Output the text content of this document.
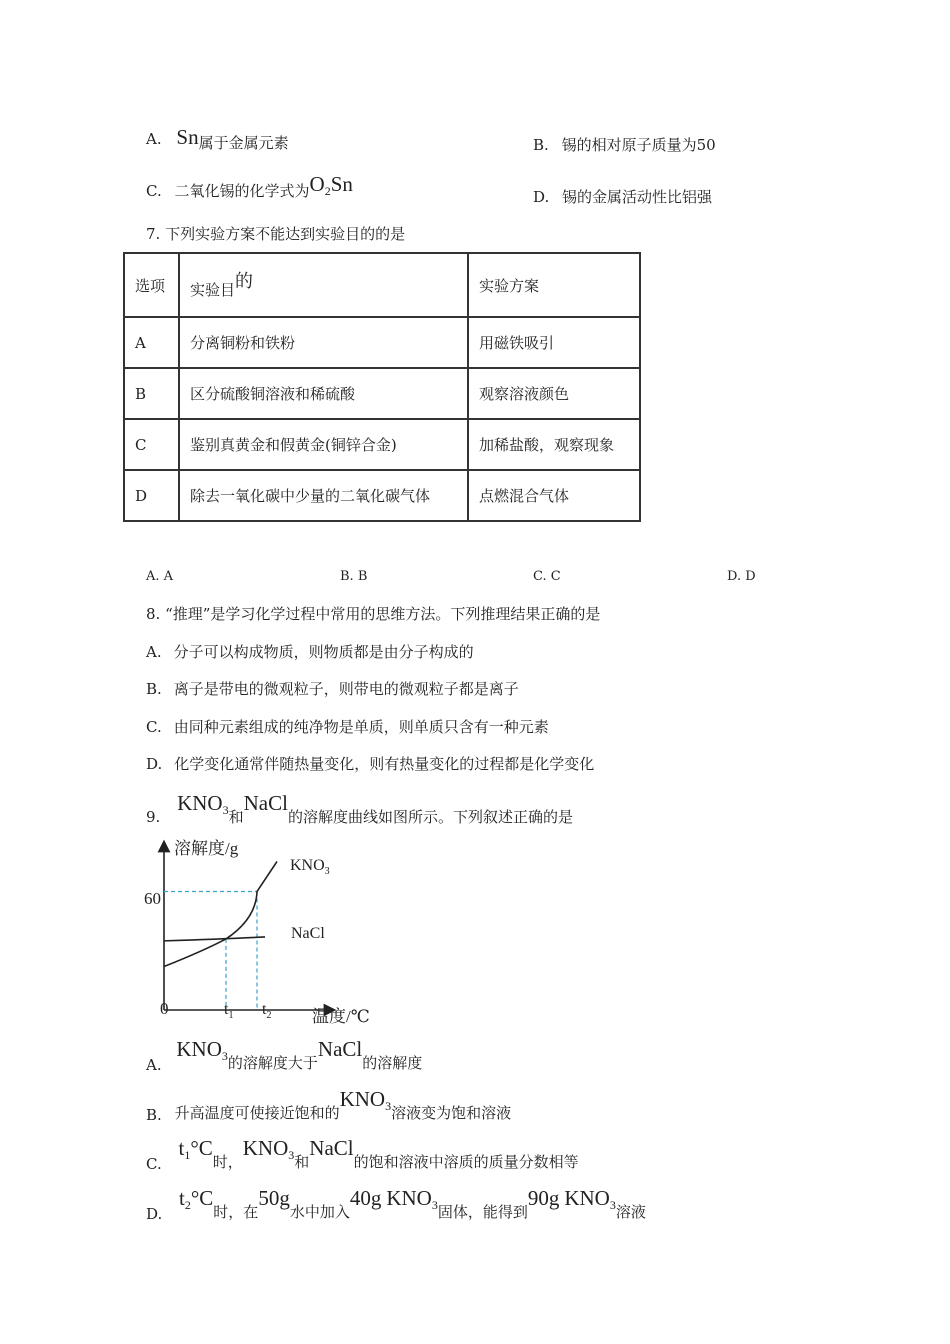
A. Sn属于金属元素	B. 锡的相对原子质量为50
C. 二氧化锡的化学式为O2Sn
D. 锡的金属活动性比铝强
7. 下列实验方案不能达到实验目的的是
选项	实验目的	实验方案
A	分离铜粉和铁粉	用磁铁吸引
B	区分硫酸铜溶液和稀硫酸	观察溶液颜色
C	鉴别真黄金和假黄金(铜锌合金)	加稀盐酸，观察现象
D	除去一氧化碳中少量的二氧化碳气体	点燃混合气体
A. A	B. B	C. C	D. D
8. “推理”是学习化学过程中常用的思维方法。下列推理结果正确的是
A. 分子可以构成物质，则物质都是由分子构成的
B. 离子是带电的微观粒子，则带电的微观粒子都是离子
C. 由同种元素组成的纯净物是单质，则单质只含有一种元素
D. 化学变化通常伴随热量变化，则有热量变化的过程都是化学变化
9. $KNO_3$和NaCl的溶解度曲线如图所示。下列叙述正确的是
溶解度/g
温度/℃
0
60
$t_1$ $t_2$
$KNO_3$
NaCl
A. $KNO_3$的溶解度大于NaCl的溶解度
B. 升高温度可使接近饱和的$KNO_3$溶液变为饱和溶液
C. $t_1^\circ C$时，$KNO_3$和NaCl的饱和溶液中溶质的质量分数相等
D. $t_2^\circ C$时，在50g水中加入40g $KNO_3$固体，能得到90g $KNO_3$溶液
